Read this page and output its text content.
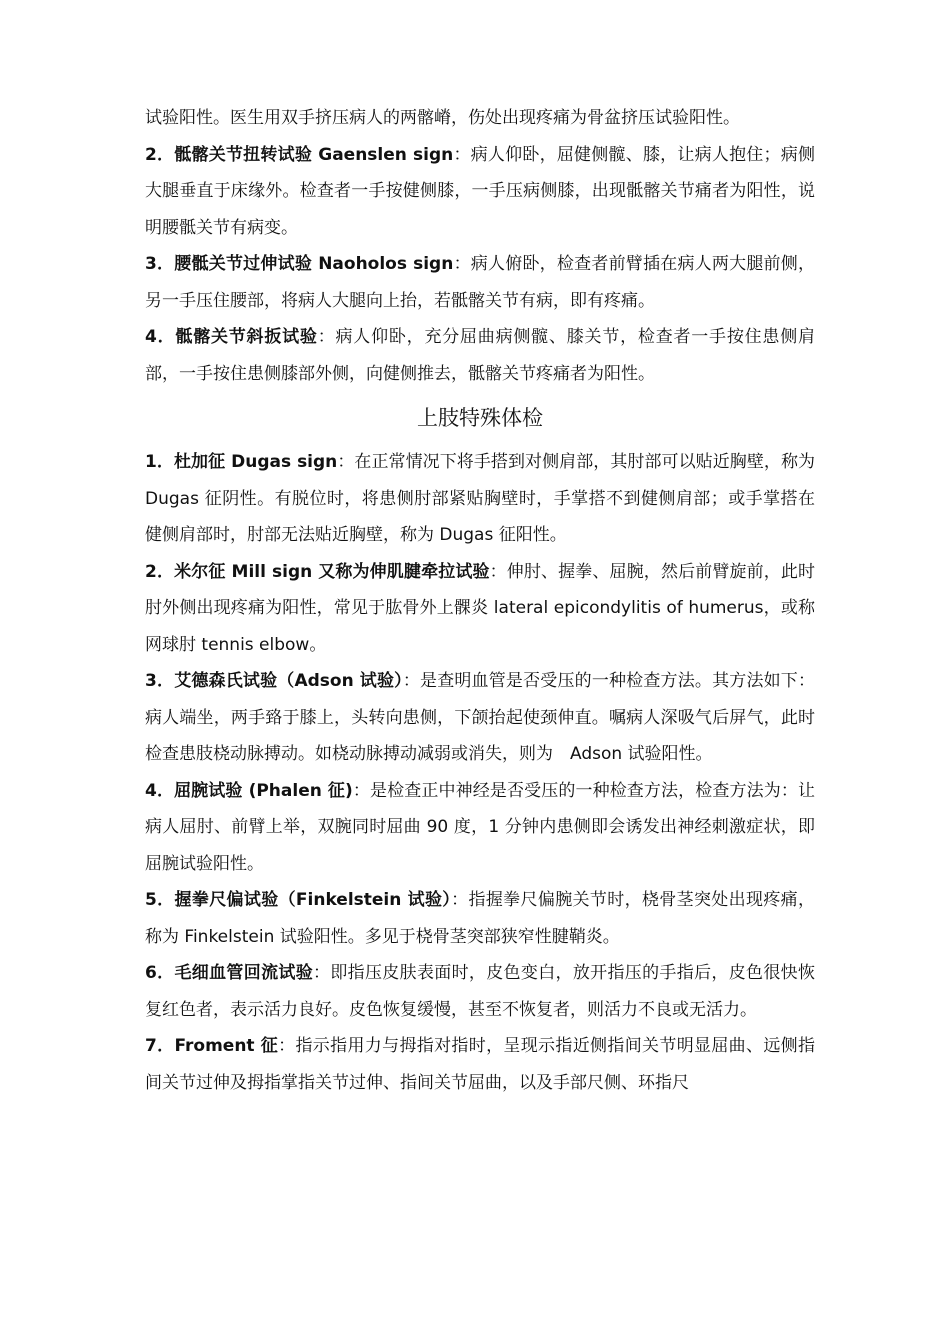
试验阳性。医生用双手挤压病人的两髂嵴，伤处出现疼痛为骨盆挤压试验阳性。

2．骶髂关节扭转试验 Gaenslen sign：病人仰卧，屈健侧髋、膝，让病人抱住；病侧大腿垂直于床缘外。检查者一手按健侧膝，一手压病侧膝，出现骶髂关节痛者为阳性，说明腰骶关节有病变。

3．腰骶关节过伸试验 Naoholos sign：病人俯卧，检查者前臂插在病人两大腿前侧，另一手压住腰部，将病人大腿向上抬，若骶髂关节有病，即有疼痛。

4．骶髂关节斜扳试验：病人仰卧，充分屈曲病侧髋、膝关节，检查者一手按住患侧肩部，一手按住患侧膝部外侧，向健侧推去，骶髂关节疼痛者为阳性。

上肢特殊体检

1．杜加征 Dugas sign：在正常情况下将手搭到对侧肩部，其肘部可以贴近胸壁，称为 Dugas 征阴性。有脱位时，将患侧肘部紧贴胸壁时，手掌搭不到健侧肩部；或手掌搭在健侧肩部时，肘部无法贴近胸壁，称为 Dugas 征阳性。

2．米尔征 Mill sign 又称为伸肌腱牵拉试验：伸肘、握拳、屈腕，然后前臂旋前，此时肘外侧出现疼痛为阳性，常见于肱骨外上髁炎 lateral epicondylitis of humerus，或称网球肘 tennis elbow。

3．艾德森氏试验（Adson 试验）：是查明血管是否受压的一种检查方法。其方法如下：病人端坐，两手臵于膝上，头转向患侧，下颌抬起使颈伸直。嘱病人深吸气后屏气，此时检查患肢桡动脉搏动。如桡动脉搏动减弱或消失，则为　Adson 试验阳性。

4．屈腕试验 (Phalen 征)：是检查正中神经是否受压的一种检查方法，检查方法为：让病人屈肘、前臂上举，双腕同时屈曲 90 度，1 分钟内患侧即会诱发出神经刺激症状，即屈腕试验阳性。

5．握拳尺偏试验（Finkelstein 试验）：指握拳尺偏腕关节时，桡骨茎突处出现疼痛，称为 Finkelstein 试验阳性。多见于桡骨茎突部狭窄性腱鞘炎。

6．毛细血管回流试验：即指压皮肤表面时，皮色变白，放开指压的手指后，皮色很快恢复红色者，表示活力良好。皮色恢复缓慢，甚至不恢复者，则活力不良或无活力。

7．Froment 征：指示指用力与拇指对指时，呈现示指近侧指间关节明显屈曲、远侧指间关节过伸及拇指掌指关节过伸、指间关节屈曲，以及手部尺侧、环指尺
